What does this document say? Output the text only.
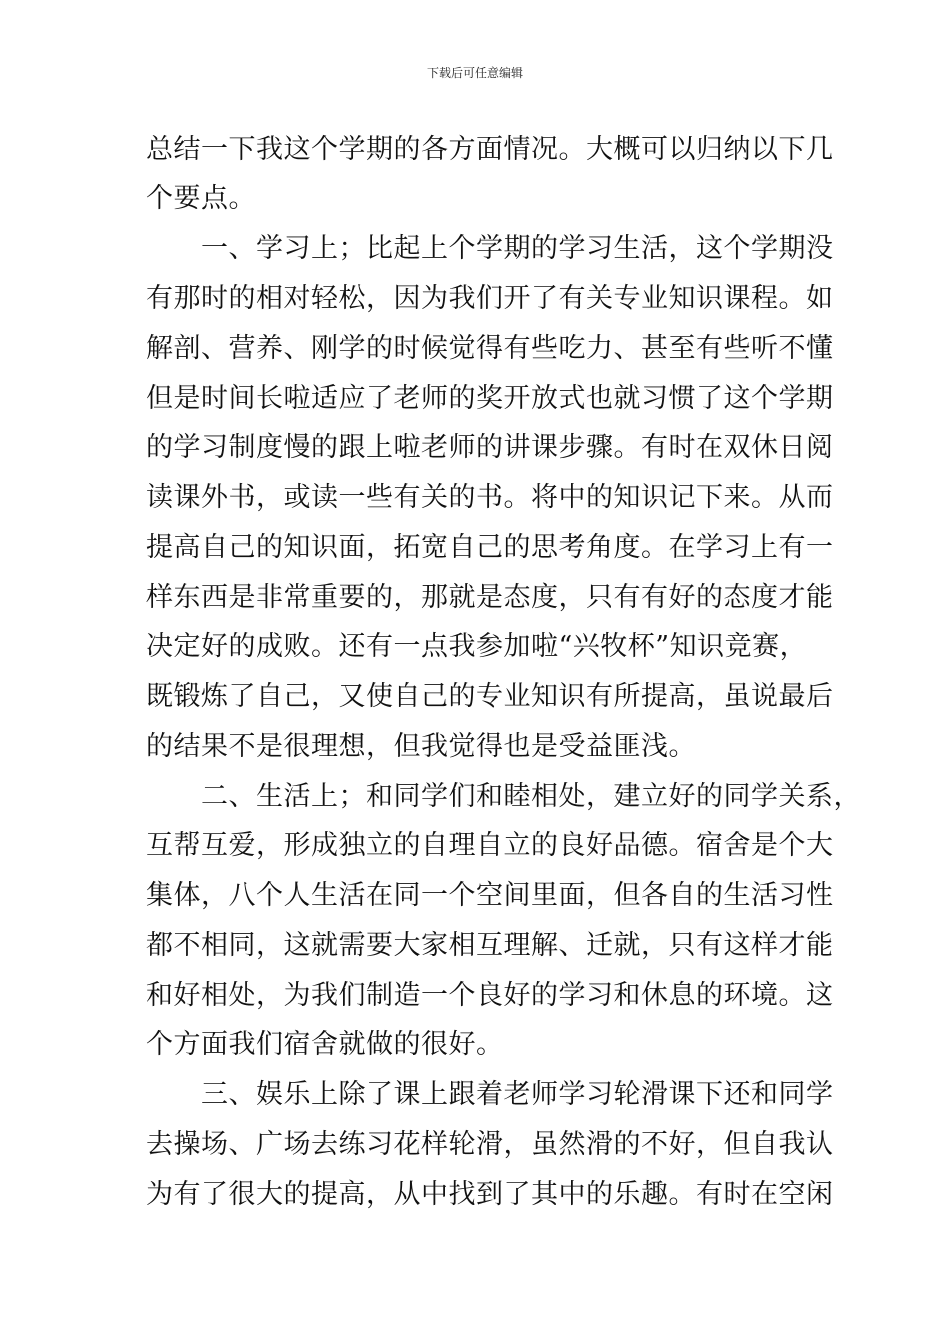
下载后可任意编辑
总结一下我这个学期的各方面情况。大概可以归纳以下几
个要点。
一、学习上；比起上个学期的学习生活，这个学期没
有那时的相对轻松，因为我们开了有关专业知识课程。如
解剖、营养、刚学的时候觉得有些吃力、甚至有些听不懂
但是时间长啦适应了老师的奖开放式也就习惯了这个学期
的学习制度慢的跟上啦老师的讲课步骤。有时在双休日阅
读课外书，或读一些有关的书。将中的知识记下来。从而
提高自己的知识面，拓宽自己的思考角度。在学习上有一
样东西是非常重要的，那就是态度，只有有好的态度才能
决定好的成败。还有一点我参加啦“兴牧杯”知识竞赛，
既锻炼了自己，又使自己的专业知识有所提高，虽说最后
的结果不是很理想，但我觉得也是受益匪浅。
二、生活上；和同学们和睦相处，建立好的同学关系，
互帮互爱，形成独立的自理自立的良好品德。宿舍是个大
集体，八个人生活在同一个空间里面，但各自的生活习性
都不相同，这就需要大家相互理解、迁就，只有这样才能
和好相处，为我们制造一个良好的学习和休息的环境。这
个方面我们宿舍就做的很好。
三、娱乐上除了课上跟着老师学习轮滑课下还和同学
去操场、广场去练习花样轮滑，虽然滑的不好，但自我认
为有了很大的提高，从中找到了其中的乐趣。有时在空闲
